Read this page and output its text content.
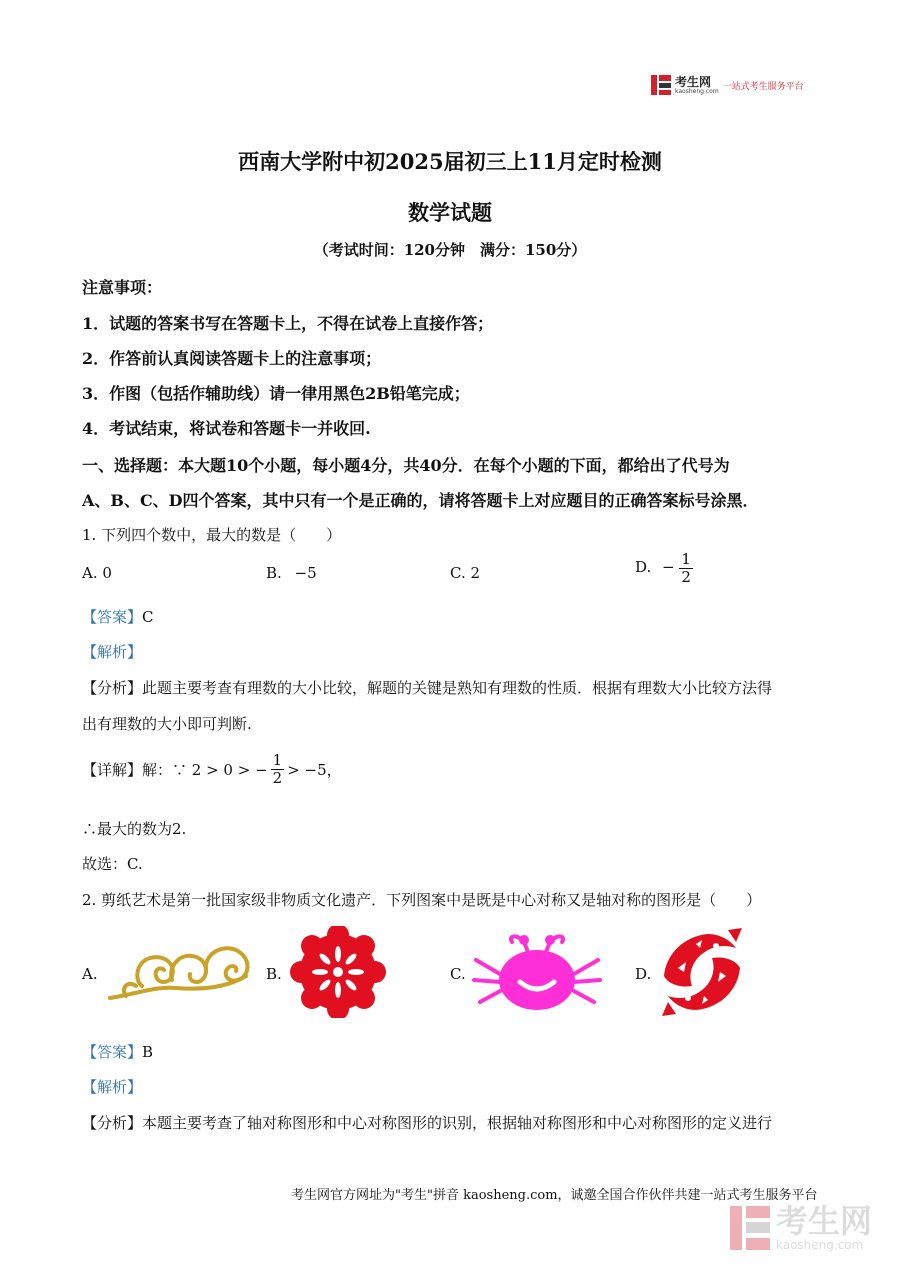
考生网
kaosheng.com 一站式考生服务平台
西南大学附中初2025届初三上11月定时检测
数学试题
（考试时间：120分钟　满分：150分）
注意事项：
1．试题的答案书写在答题卡上，不得在试卷上直接作答；
2．作答前认真阅读答题卡上的注意事项；
3．作图（包括作辅助线）请一律用黑色2B铅笔完成；
4．考试结束，将试卷和答题卡一并收回.
一、选择题：本大题10个小题，每小题4分，共40分．在每个小题的下面，都给出了代号为
A、B、C、D四个答案，其中只有一个是正确的，请将答题卡上对应题目的正确答案标号涂黑．
1. 下列四个数中，最大的数是（　　）
A. 0	B. −5	C. 2	D. − $\frac{1}{2}$
【答案】C
【解析】
【分析】此题主要考查有理数的大小比较，解题的关键是熟知有理数的性质．根据有理数大小比较方法得
出有理数的大小即可判断.
【详解】 解：∵ 2 > 0 > − $\frac{1}{2} > -5$，
∴最大的数为2.
故选：C.
2. 剪纸艺术是第一批国家级非物质文化遗产．下列图案中是既是中心对称又是轴对称的图形是（　　）
A.	B.	C.	D.
【答案】B
【解析】
【分析】本题主要考查了轴对称图形和中心对称图形的识别，根据轴对称图形和中心对称图形的定义进行
考生网官方网址为"考生"拼音 kaosheng.com，诚邀全国合作伙伴共建一站式考生服务平台
考生网
kaosheng.com
